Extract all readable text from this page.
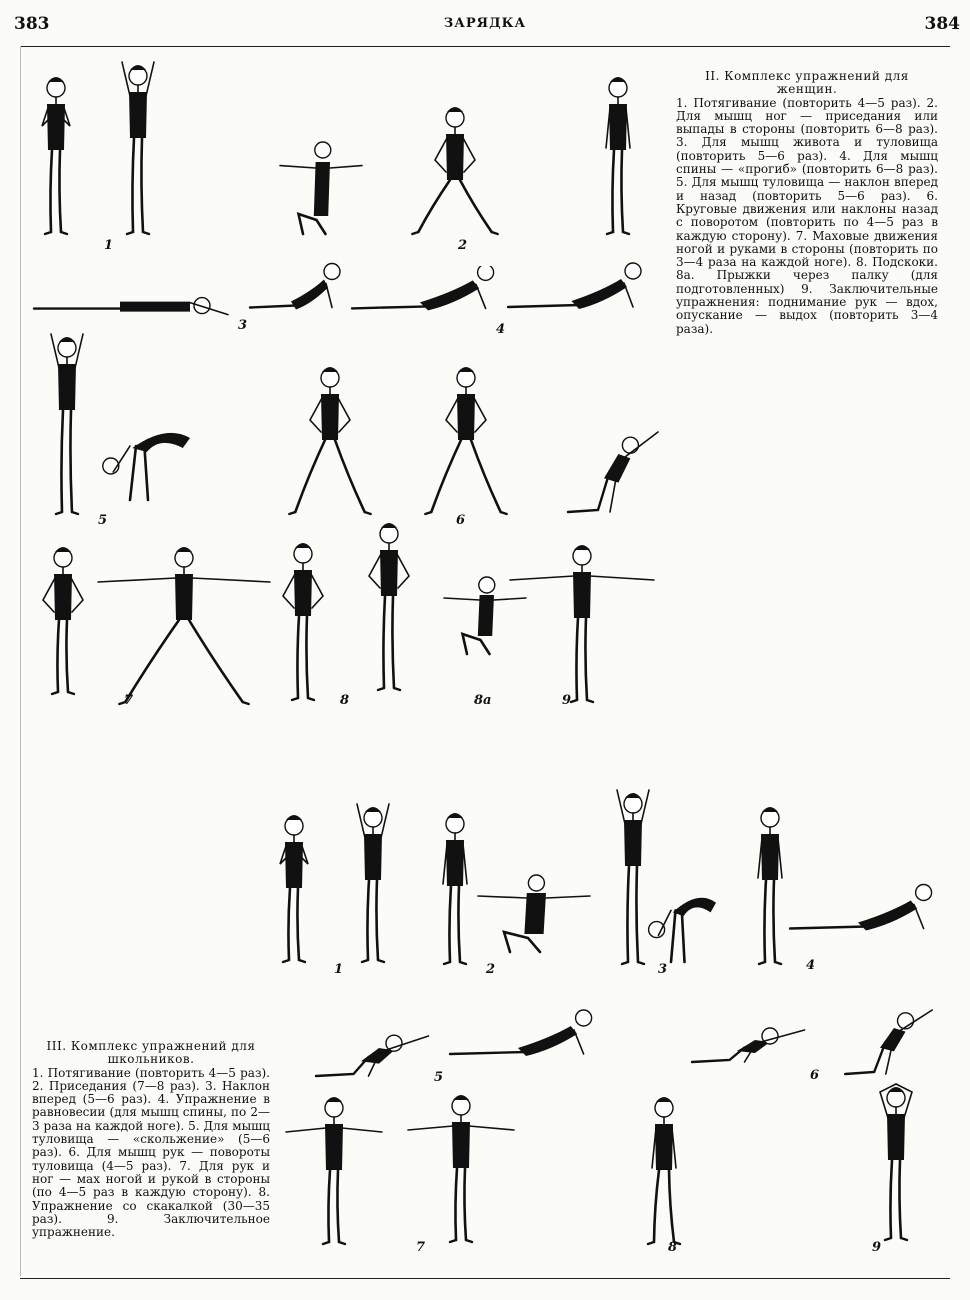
383	ЗАРЯДКА	384
II. Комплекс упражнений для женщин.
1. Потягивание (повторить 4—5 раз). 2. Для мышц ног — приседания или выпады в стороны (повторить 6—8 раз). 3. Для мышц живота и туловища (повторить 5—6 раз). 4. Для мышц спины — «прогиб» (повторить 6—8 раз). 5. Для мышц туловища — наклон вперед и назад (повторить 5—6 раз). 6. Круговые движения или наклоны назад с поворотом (повторить по 4—5 раз в каждую сторону). 7. Маховые движения ногой и руками в стороны (повторить по 3—4 раза на каждой ноге). 8. Подскоки. 8а. Прыжки через палку (для подготовленных) 9. Заключительные упражнения: поднимание рук — вдох, опускание — выдох (повторить 3—4 раза).
III. Комплекс упражнений для школьников.
1. Потягивание (повторить 4—5 раз). 2. Приседания (7—8 раз). 3. Наклон вперед (5—6 раз). 4. Упражнение в равновесии (для мышц спины, по 2—3 раза на каждой ноге). 5. Для мышц туловища — «скольжение» (5—6 раз). 6. Для мышц рук — повороты туловища (4—5 раз). 7. Для рук и ног — мах ногой и рукой в стороны (по 4—5 раз в каждую сторону). 8. Упражнение со скакалкой (30—35 раз). 9. Заключительное упражнение.
1	2
3	4
5	6
7	8	8а	9
1	2	3	4
5	6
7	8	9
